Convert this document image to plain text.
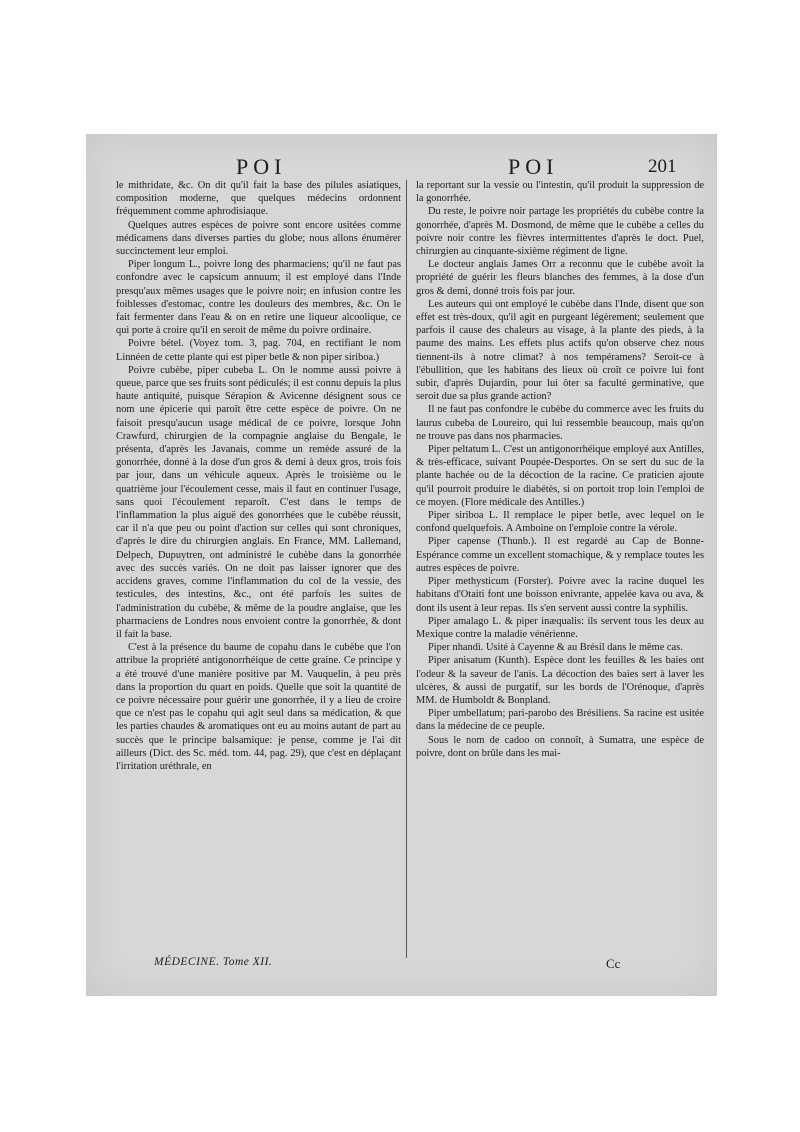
POI	POI	201

le mithridate, &c. On dit qu'il fait la base des pilules asiatiques, composition moderne, que quelques médecins ordonnent fréquemment comme aphrodisiaque.

Quelques autres espèces de poivre sont encore usitées comme médicamens dans diverses parties du globe; nous allons énumérer succinctement leur emploi.

Piper longum L., poivre long des pharmaciens; qu'il ne faut pas confondre avec le capsicum annuum; il est employé dans l'Inde presqu'aux mêmes usages que le poivre noir; en infusion contre les foiblesses d'estomac, contre les douleurs des membres, &c. On le fait fermenter dans l'eau & on en retire une liqueur alcoolique, ce qui porte à croire qu'il en seroit de même du poivre ordinaire.

Poivre bétel. (Voyez tom. 3, pag. 704, en rectifiant le nom Linnéen de cette plante qui est piper betle & non piper siriboa.)

Poivre cubèbe, piper cubeba L. On le nomme aussi poivre à queue, parce que ses fruits sont pédiculés; il est connu depuis la plus haute antiquité, puisque Sérapion & Avicenne désignent sous ce nom une épicerie qui paroît être cette espèce de poivre. On ne faisoit presqu'aucun usage médical de ce poivre, lorsque John Crawfurd, chirurgien de la compagnie anglaise du Bengale, le présenta, d'après les Javanais, comme un remède assuré de la gonorrhée, donné à la dose d'un gros & demi à deux gros, trois fois par jour, dans un véhicule aqueux. Après le troisième ou le quatrième jour l'écoulement cesse, mais il faut en continuer l'usage, sans quoi l'écoulement reparoît. C'est dans le temps de l'inflammation la plus aiguë des gonorrhées que le cubèbe réussit, car il n'a que peu ou point d'action sur celles qui sont chroniques, d'après le dire du chirurgien anglais. En France, MM. Lallemand, Delpech, Dupuytren, ont administré le cubèbe dans la gonorrhée avec des succès variés. On ne doit pas laisser ignorer que des accidens graves, comme l'inflammation du col de la vessie, des testicules, des intestins, &c., ont été parfois les suites de l'administration du cubèbe, & même de la poudre anglaise, que les pharmaciens de Londres nous envoient contre la gonorrhée, & dont il fait la base.

C'est à la présence du baume de copahu dans le cubèbe que l'on attribue la propriété antigonorrhéique de cette graine. Ce principe y a été trouvé d'une manière positive par M. Vauquelin, à peu près dans la proportion du quart en poids. Quelle que soit la quantité de ce poivre nécessaire pour guérir une gonorrhée, il y a lieu de croire que ce n'est pas le copahu qui agit seul dans sa médication, & que les parties chaudes & aromatiques ont eu au moins autant de part au succès que le principe balsamique: je pense, comme je l'ai dit ailleurs (Dict. des Sc. méd. tom. 44, pag. 29), que c'est en déplaçant l'irritation uréthrale, en

la reportant sur la vessie ou l'intestin, qu'il produit la suppression de la gonorrhée.

Du reste, le poivre noir partage les propriétés du cubèbe contre la gonorrhée, d'après M. Dosmond, de même que le cubèbe a celles du poivre noir contre les fièvres intermittentes d'après le doct. Puel, chirurgien au cinquante-sixième régiment de ligne.

Le docteur anglais James Orr a reconnu que le cubèbe avoit la propriété de guérir les fleurs blanches des femmes, à la dose d'un gros & demi, donné trois fois par jour.

Les auteurs qui ont employé le cubèbe dans l'Inde, disent que son effet est très-doux, qu'il agit en purgeant légèrement; seulement que parfois il cause des chaleurs au visage, à la plante des pieds, à la paume des mains. Les effets plus actifs qu'on observe chez nous tiennent-ils à notre climat? à nos tempéramens? Seroit-ce à l'ébullition, que les habitans des lieux où croît ce poivre lui font subir, d'après Dujardin, pour lui ôter sa faculté germinative, que seroit due sa plus grande action?

Il ne faut pas confondre le cubèbe du commerce avec les fruits du laurus cubeba de Loureiro, qui lui ressemble beaucoup, mais qu'on ne trouve pas dans nos pharmacies.

Piper peltatum L. C'est un antigonorrhéique employé aux Antilles, & très-efficace, suivant Poupée-Desportes. On se sert du suc de la plante hachée ou de la décoction de la racine. Ce praticien ajoute qu'il pourroit produire le diabétès, si on portoit trop loin l'emploi de ce moyen. (Flore médicale des Antilles.)

Piper siriboa L. Il remplace le piper betle, avec lequel on le confond quelquefois. A Amboine on l'emploie contre la vérole.

Piper capense (Thunb.). Il est regardé au Cap de Bonne-Espérance comme un excellent stomachique, & y remplace toutes les autres espèces de poivre.

Piper methysticum (Forster). Poivre avec la racine duquel les habitans d'Otaiti font une boisson enivrante, appelée kava ou ava, & dont ils usent à leur repas. Ils s'en servent aussi contre la syphilis.

Piper amalago L. & piper inæqualis: ils servent tous les deux au Mexique contre la maladie vénérienne.

Piper nhandi. Usité à Cayenne & au Brésil dans le même cas.

Piper anisatum (Kunth). Espèce dont les feuilles & les baies ont l'odeur & la saveur de l'anis. La décoction des baies sert à laver les ulcères, & aussi de purgatif, sur les bords de l'Orénoque, d'après MM. de Humboldt & Bonpland.

Piper umbellatum; pari-parobo des Brésiliens. Sa racine est usitée dans la médecine de ce peuple.

Sous le nom de cadoo on connoît, à Sumatra, une espèce de poivre, dont on brûle dans les mai-

MÉDECINE. Tome XII.	Cc
